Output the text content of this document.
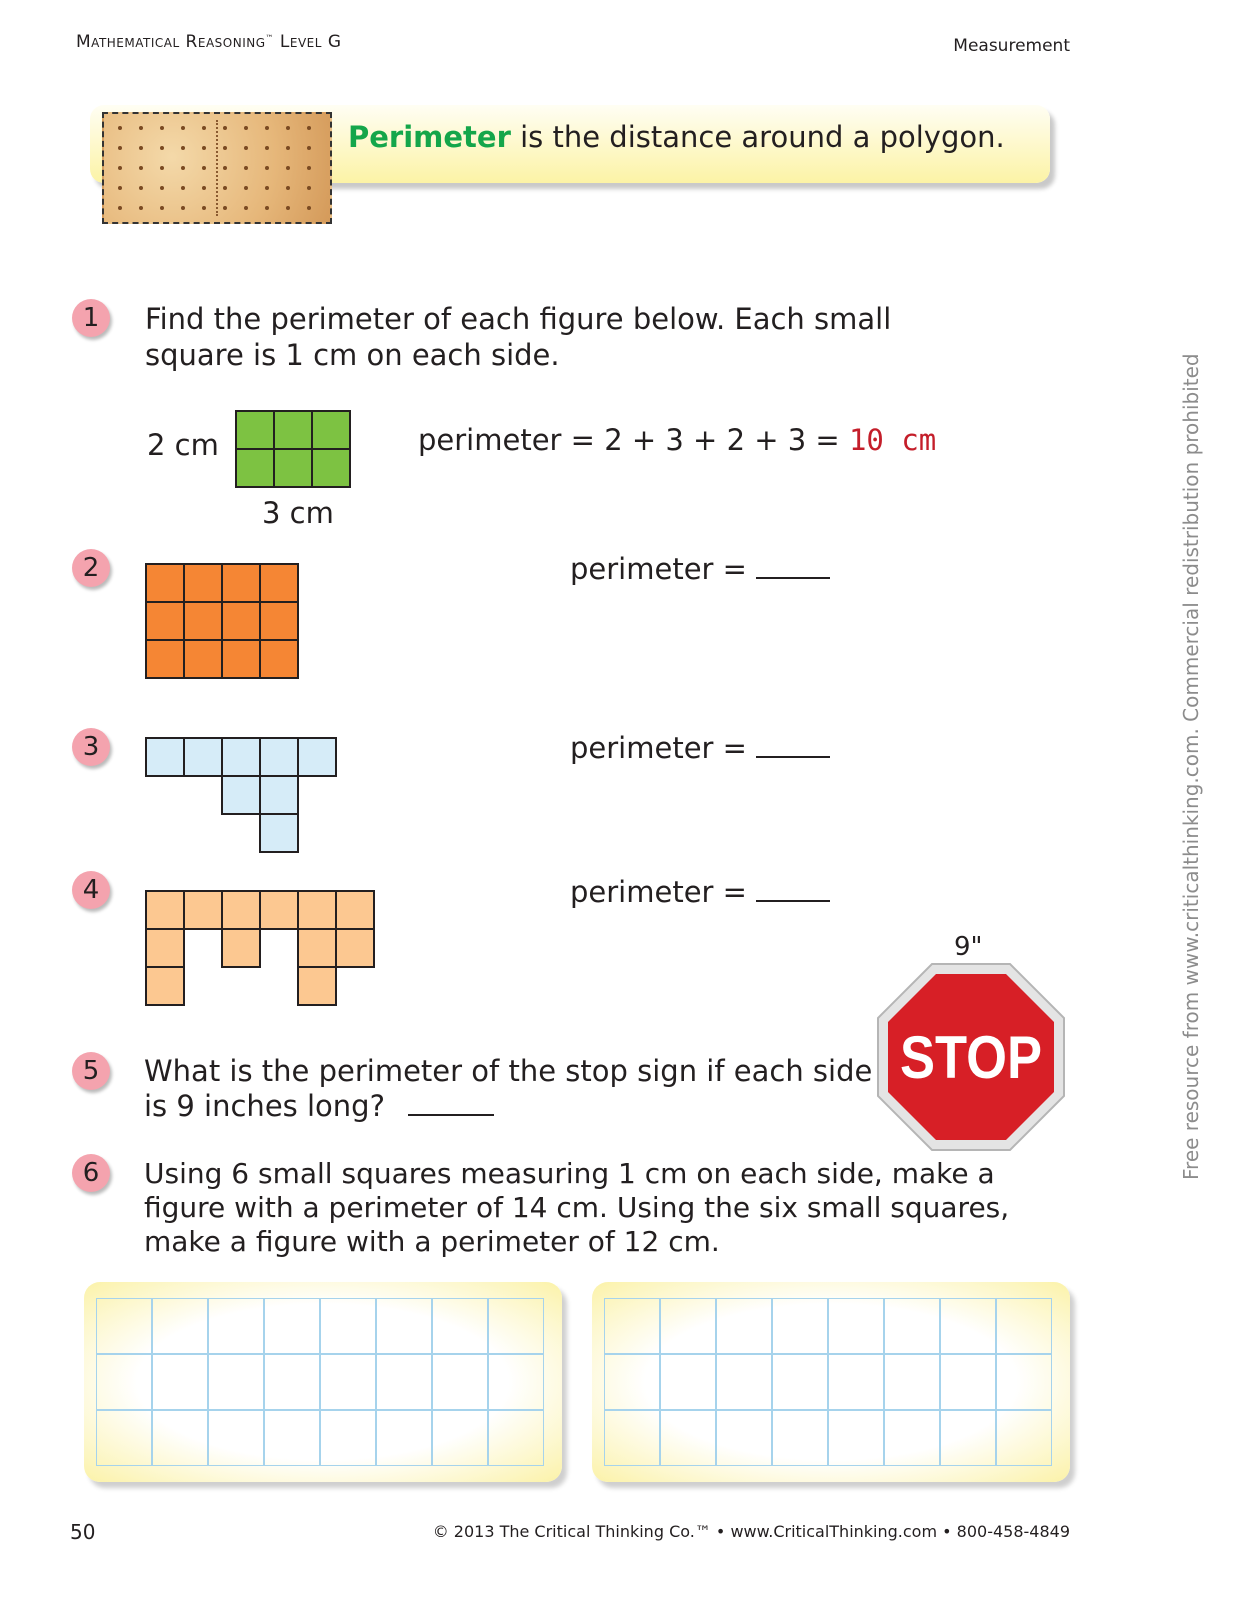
Mathematical Reasoning™ Level G	Measurement
Perimeter is the distance around a polygon.
1	Find the perimeter of each figure below. Each small
square is 1 cm on each side.
2 cm
3 cm
perimeter = 2 + 3 + 2 + 3 = 10 cm
2	perimeter =
3	perimeter =
4	perimeter =
5	What is the perimeter of the stop sign if each side
is 9 inches long?
9"
STOP
6	Using 6 small squares measuring 1 cm on each side, make a
figure with a perimeter of 14 cm. Using the six small squares,
make a figure with a perimeter of 12 cm.
50	© 2013 The Critical Thinking Co.™ • www.CriticalThinking.com • 800-458-4849
Free resource from www.criticalthinking.com. Commercial redistribution prohibited
